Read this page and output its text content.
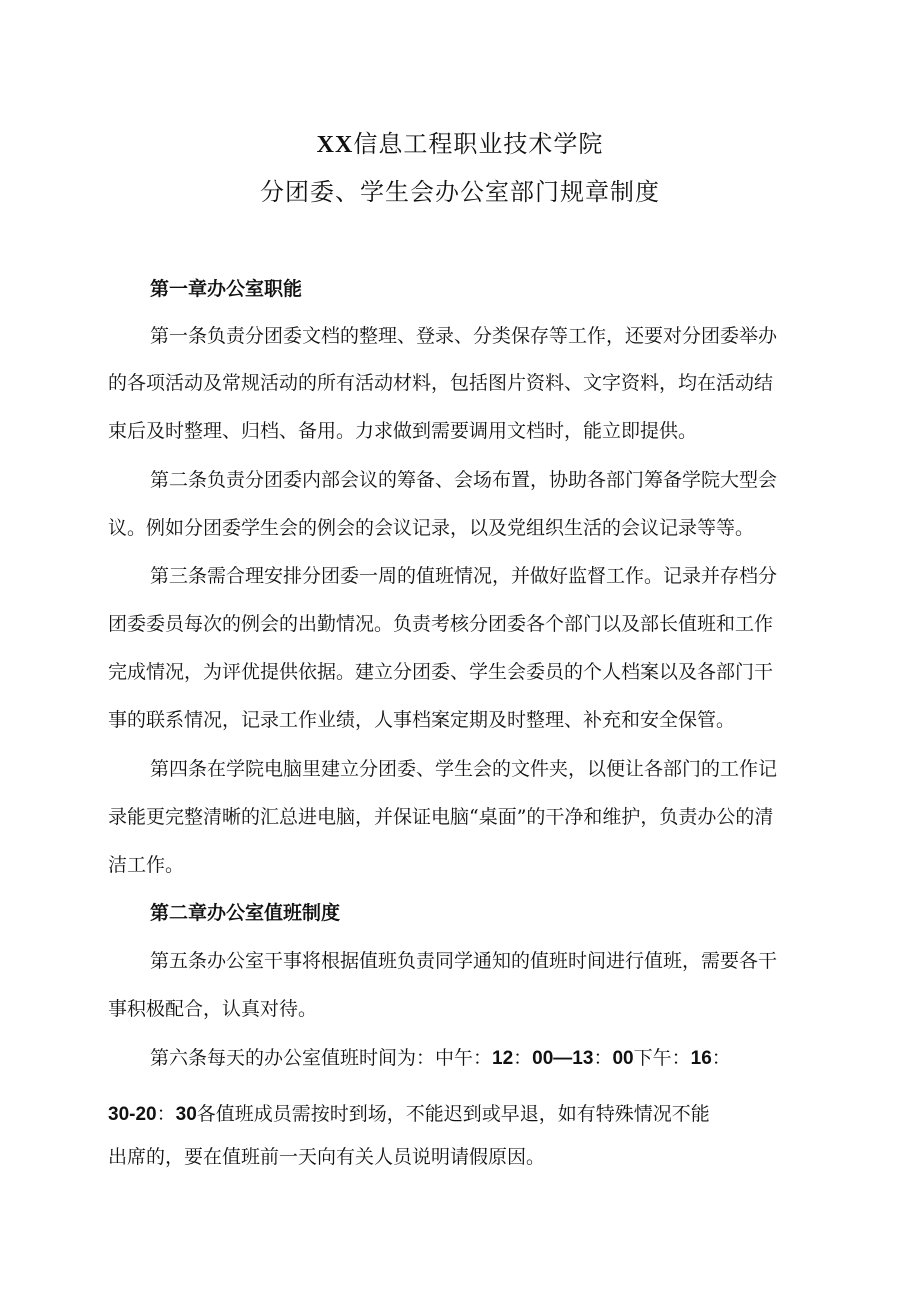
XX信息工程职业技术学院
分团委、学生会办公室部门规章制度

第一章办公室职能

第一条负责分团委文档的整理、登录、分类保存等工作，还要对分团委举办

的各项活动及常规活动的所有活动材料，包括图片资料、文字资料，均在活动结

束后及时整理、归档、备用。力求做到需要调用文档时，能立即提供。

第二条负责分团委内部会议的筹备、会场布置，协助各部门筹备学院大型会

议。例如分团委学生会的例会的会议记录，以及党组织生活的会议记录等等。

第三条需合理安排分团委一周的值班情况，并做好监督工作。记录并存档分

团委委员每次的例会的出勤情况。负责考核分团委各个部门以及部长值班和工作

完成情况，为评优提供依据。建立分团委、学生会委员的个人档案以及各部门干

事的联系情况，记录工作业绩，人事档案定期及时整理、补充和安全保管。

第四条在学院电脑里建立分团委、学生会的文件夹，以便让各部门的工作记

录能更完整清晰的汇总进电脑，并保证电脑“桌面”的干净和维护，负责办公的清

洁工作。

第二章办公室值班制度

第五条办公室干事将根据值班负责同学通知的值班时间进行值班，需要各干

事积极配合，认真对待。

第六条每天的办公室值班时间为：中午：12：00—13：00下午：16：

30-20：30各值班成员需按时到场，不能迟到或早退，如有特殊情况不能

出席的，要在值班前一天向有关人员说明请假原因。
